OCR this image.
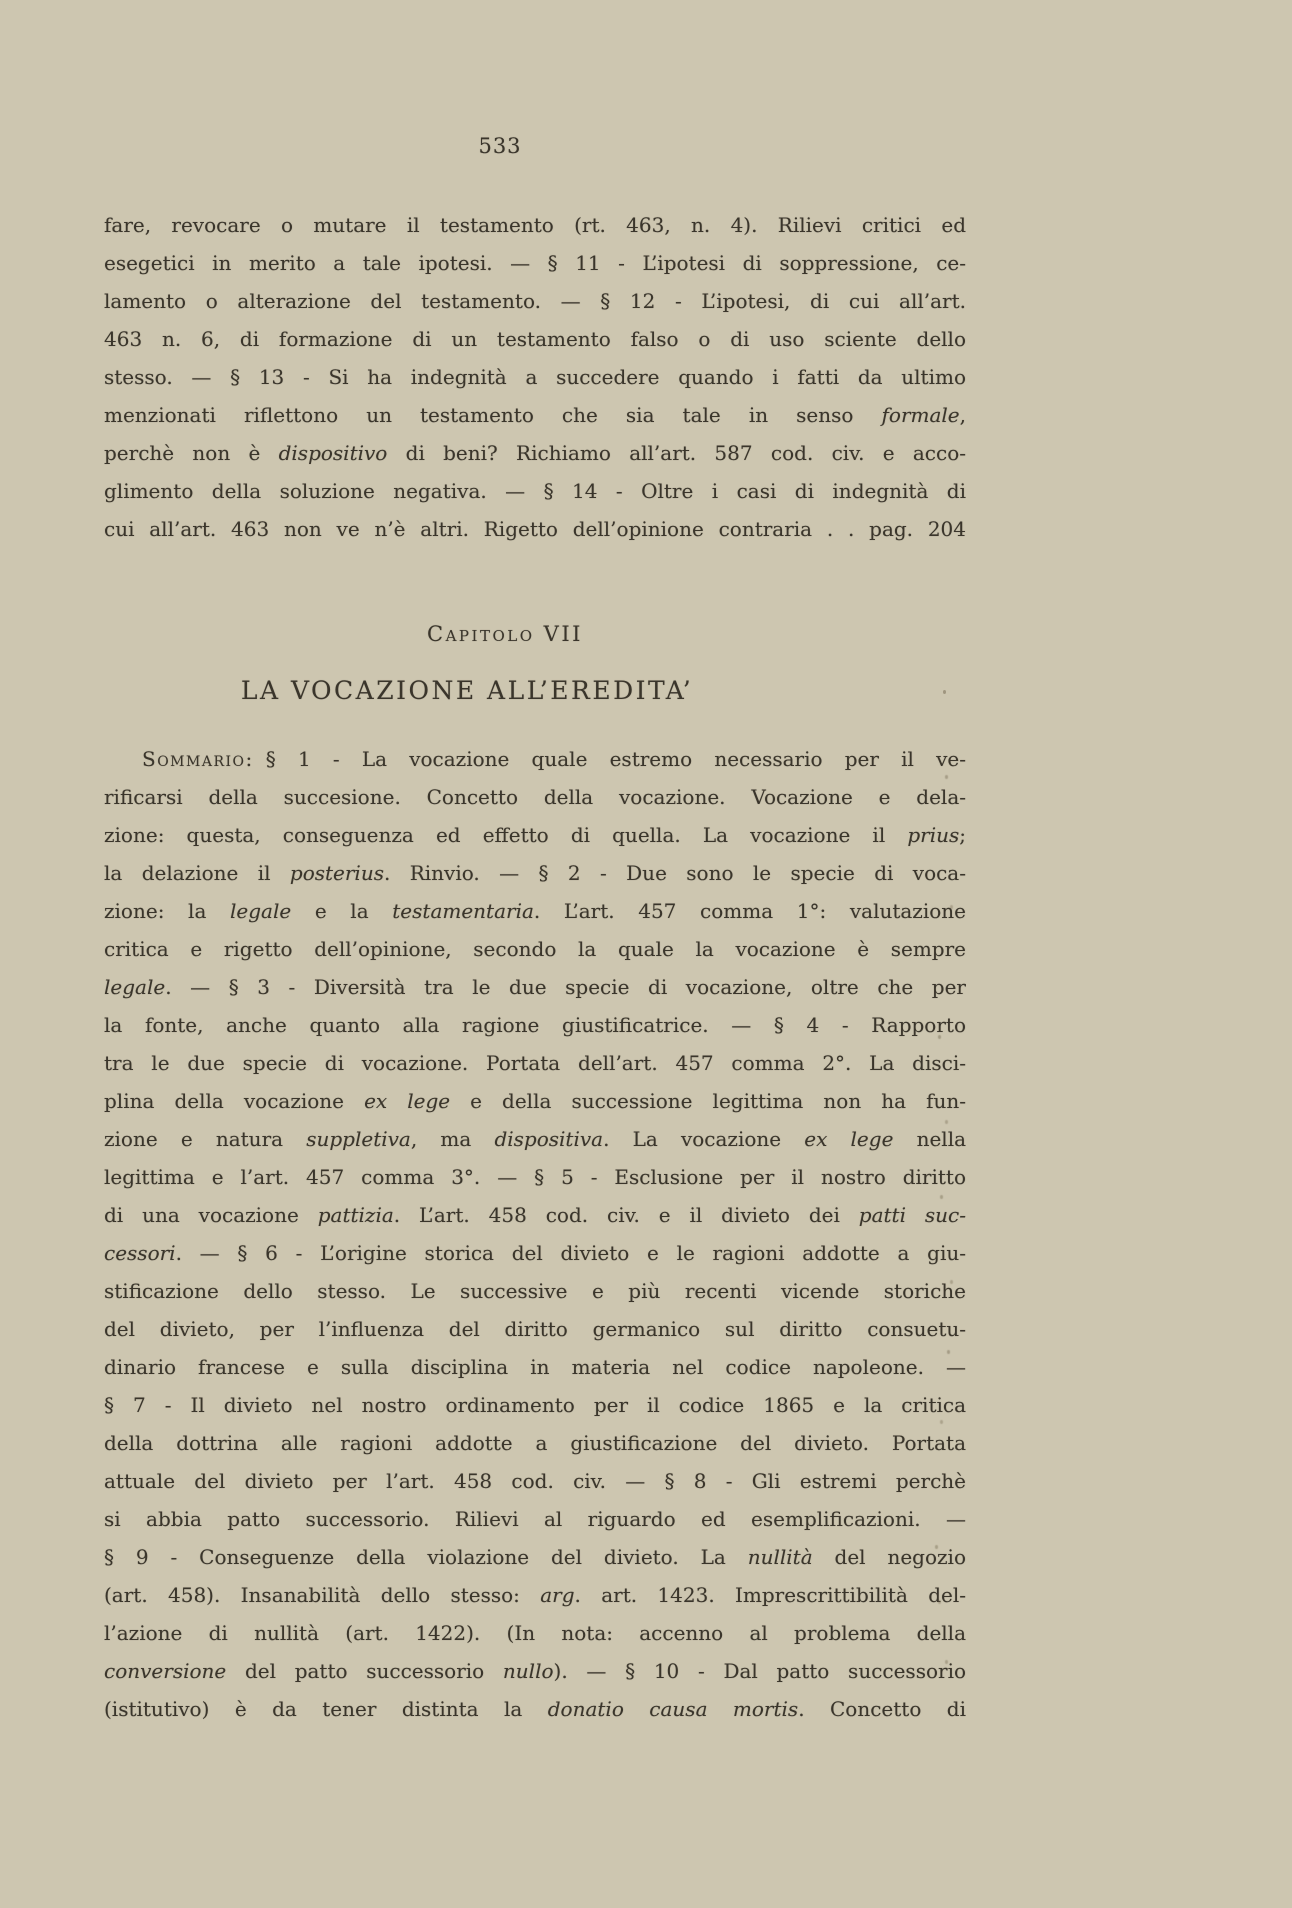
533
fare, revocare o mutare il testamento (rt. 463, n. 4). Rilievi critici ed
esegetici in merito a tale ipotesi. — § 11 - L’ipotesi di soppressione, ce-
lamento o alterazione del testamento. — § 12 - L’ipotesi, di cui all’art.
463 n. 6, di formazione di un testamento falso o di uso sciente dello
stesso. — § 13 - Si ha indegnità a succedere quando i fatti da ultimo
menzionati riflettono un testamento che sia tale in senso formale,
perchè non è dispositivo di beni? Richiamo all’art. 587 cod. civ. e acco-
glimento della soluzione negativa. — § 14 - Oltre i casi di indegnità di
cui all’art. 463 non ve n’è altri. Rigetto dell’opinione contraria . . pag. 204
Capitolo VII
LA VOCAZIONE ALL’EREDITA’
Sommario: § 1 - La vocazione quale estremo necessario per il ve-
rificarsi della succesione. Concetto della vocazione. Vocazione e dela-
zione: questa, conseguenza ed effetto di quella. La vocazione il prius;
la delazione il posterius. Rinvio. — § 2 - Due sono le specie di voca-
zione: la legale e la testamentaria. L’art. 457 comma 1°: valutazione
critica e rigetto dell’opinione, secondo la quale la vocazione è sempre
legale. — § 3 - Diversità tra le due specie di vocazione, oltre che per
la fonte, anche quanto alla ragione giustificatrice. — § 4 - Rapporto
tra le due specie di vocazione. Portata dell’art. 457 comma 2°. La disci-
plina della vocazione ex lege e della successione legittima non ha fun-
zione e natura suppletiva, ma dispositiva. La vocazione ex lege nella
legittima e l’art. 457 comma 3°. — § 5 - Esclusione per il nostro diritto
di una vocazione pattizia. L’art. 458 cod. civ. e il divieto dei patti suc-
cessori. — § 6 - L’origine storica del divieto e le ragioni addotte a giu-
stificazione dello stesso. Le successive e più recenti vicende storiche
del divieto, per l’influenza del diritto germanico sul diritto consuetu-
dinario francese e sulla disciplina in materia nel codice napoleone. —
§ 7 - Il divieto nel nostro ordinamento per il codice 1865 e la critica
della dottrina alle ragioni addotte a giustificazione del divieto. Portata
attuale del divieto per l’art. 458 cod. civ. — § 8 - Gli estremi perchè
si abbia patto successorio. Rilievi al riguardo ed esemplificazioni. —
§ 9 - Conseguenze della violazione del divieto. La nullità del negozio
(art. 458). Insanabilità dello stesso: arg. art. 1423. Imprescrittibilità del-
l’azione di nullità (art. 1422). (In nota: accenno al problema della
conversione del patto successorio nullo). — § 10 - Dal patto successorio
(istitutivo) è da tener distinta la donatio causa mortis. Concetto di
